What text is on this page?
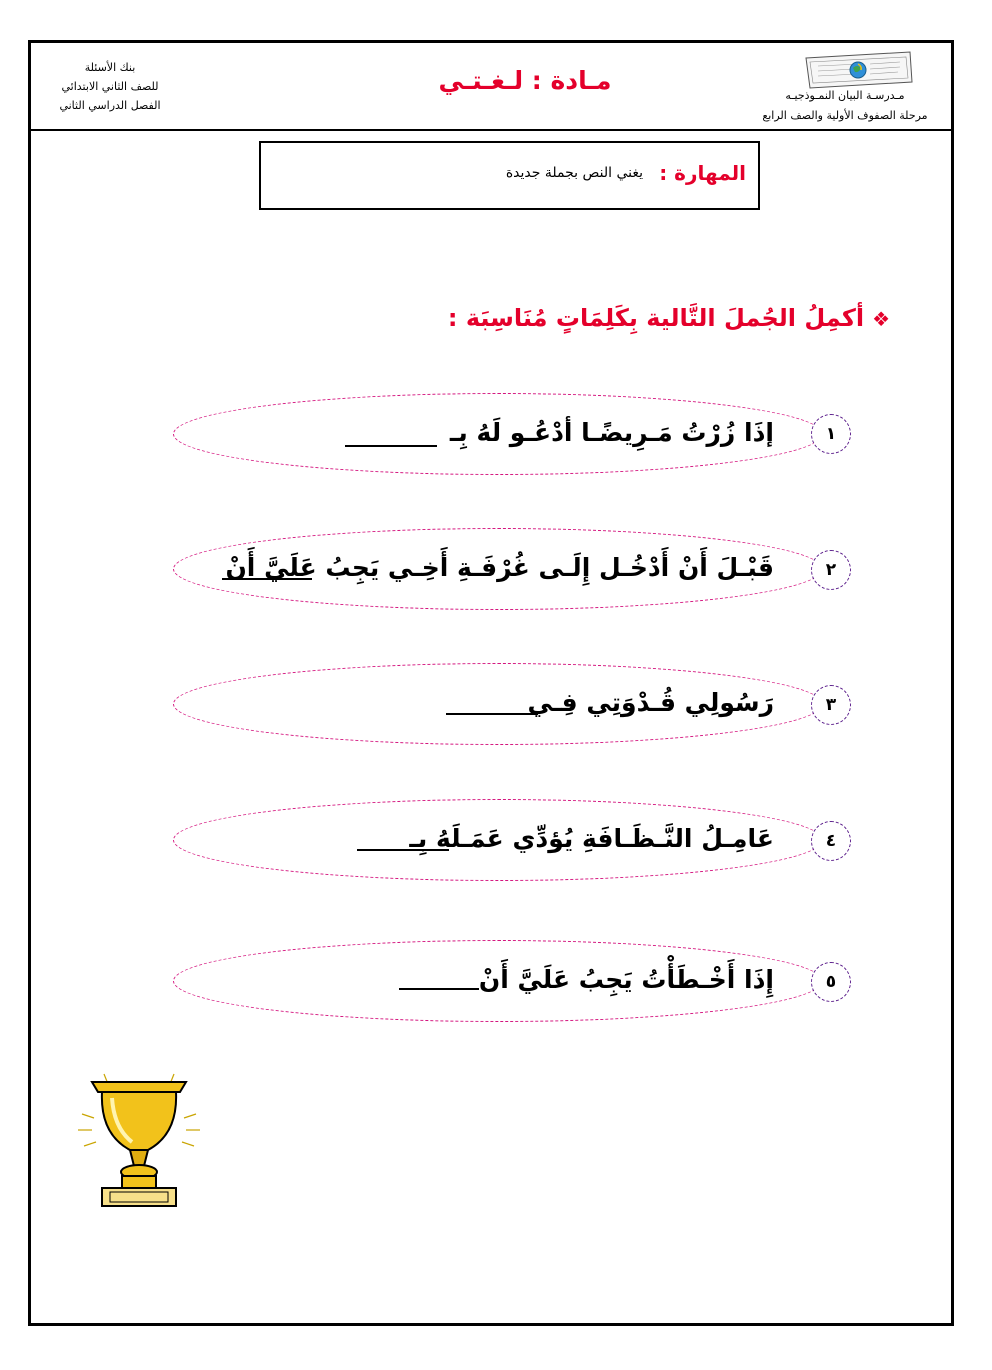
بنك الأسئلة
للصف الثاني الابتدائي
الفصل الدراسي الثاني
مـادة : لـغـتـي
مـدرسـة البيان النمـوذجيـه
مرحلة الصفوف الأولية والصف الرابع
المهارة :
يغني النص بجملة جديدة
❖أكمِلُ الجُملَ التَّالية بِكَلِمَاتٍ مُنَاسِبَة :
١
إذَا زُرْتُ مَـرِيضًـا أدْعُـو لَهُ بِـ
٢
قَبْـلَ أَنْ أَدْخُـل إِلَـى غُرْفَـةِ أَخِـي يَجِبُ عَلَيَّ أَنْ
٣
رَسُولِي قُـدْوَتِي فِـي
٤
عَامِـلُ النَّـظَـافَةِ يُؤدِّي عَمَـلَهُ بِـ
٥
إِذَا أَخْـطَأْتُ يَجِبُ عَلَيَّ أَنْ
